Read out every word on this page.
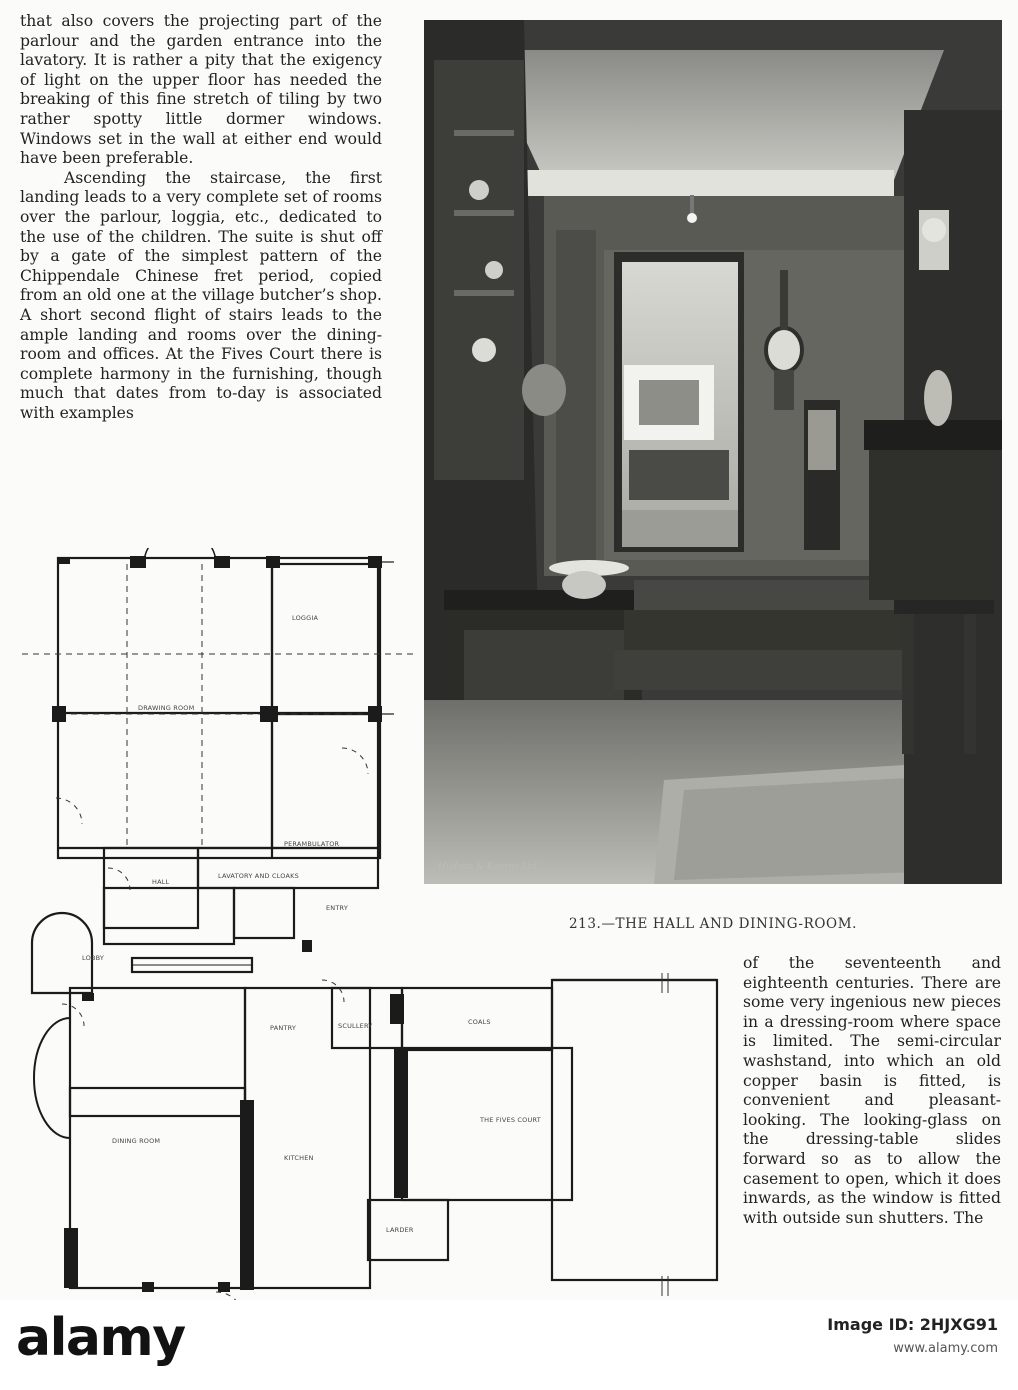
that also covers the projecting part of the parlour and the garden entrance into the lavatory. It is rather a pity that the exigency of light on the upper floor has needed the breaking of this fine stretch of tiling by two rather spotty little dormer windows. Windows set in the wall at either end would have been preferable.

Ascending the staircase, the first landing leads to a very complete set of rooms over the parlour, loggia, etc., dedicated to the use of the children. The suite is shut off by a gate of the simplest pattern of the Chippendale Chinese fret period, copied from an old one at the village butcher’s shop. A short second flight of stairs leads to the ample landing and rooms over the dining-room and offices. At the Fives Court there is complete harmony in the furnishing, though much that dates from to-day is associated with examples

Hudson & Kearns Ltd.
213.—THE HALL AND DINING-ROOM.
LOGGIA
DRAWING ROOM
PERAMBULATOR
LAVATORY AND CLOAKS
HALL
LOBBY
PANTRY	SCULLERY	COALS
DINING ROOM
KITCHEN
THE FIVES COURT
LARDER
ENTRY

of the seventeenth and eighteenth centuries. There are some very ingenious new pieces in a dressing-room where space is limited. The semi-circular washstand, into which an old copper basin is fitted, is convenient and pleasant-looking. The looking-glass on the dressing-table slides forward so as to allow the casement to open, which it does inwards, as the window is fitted with outside sun shutters. The

alamy	Image ID: 2HJXG91
www.alamy.com
